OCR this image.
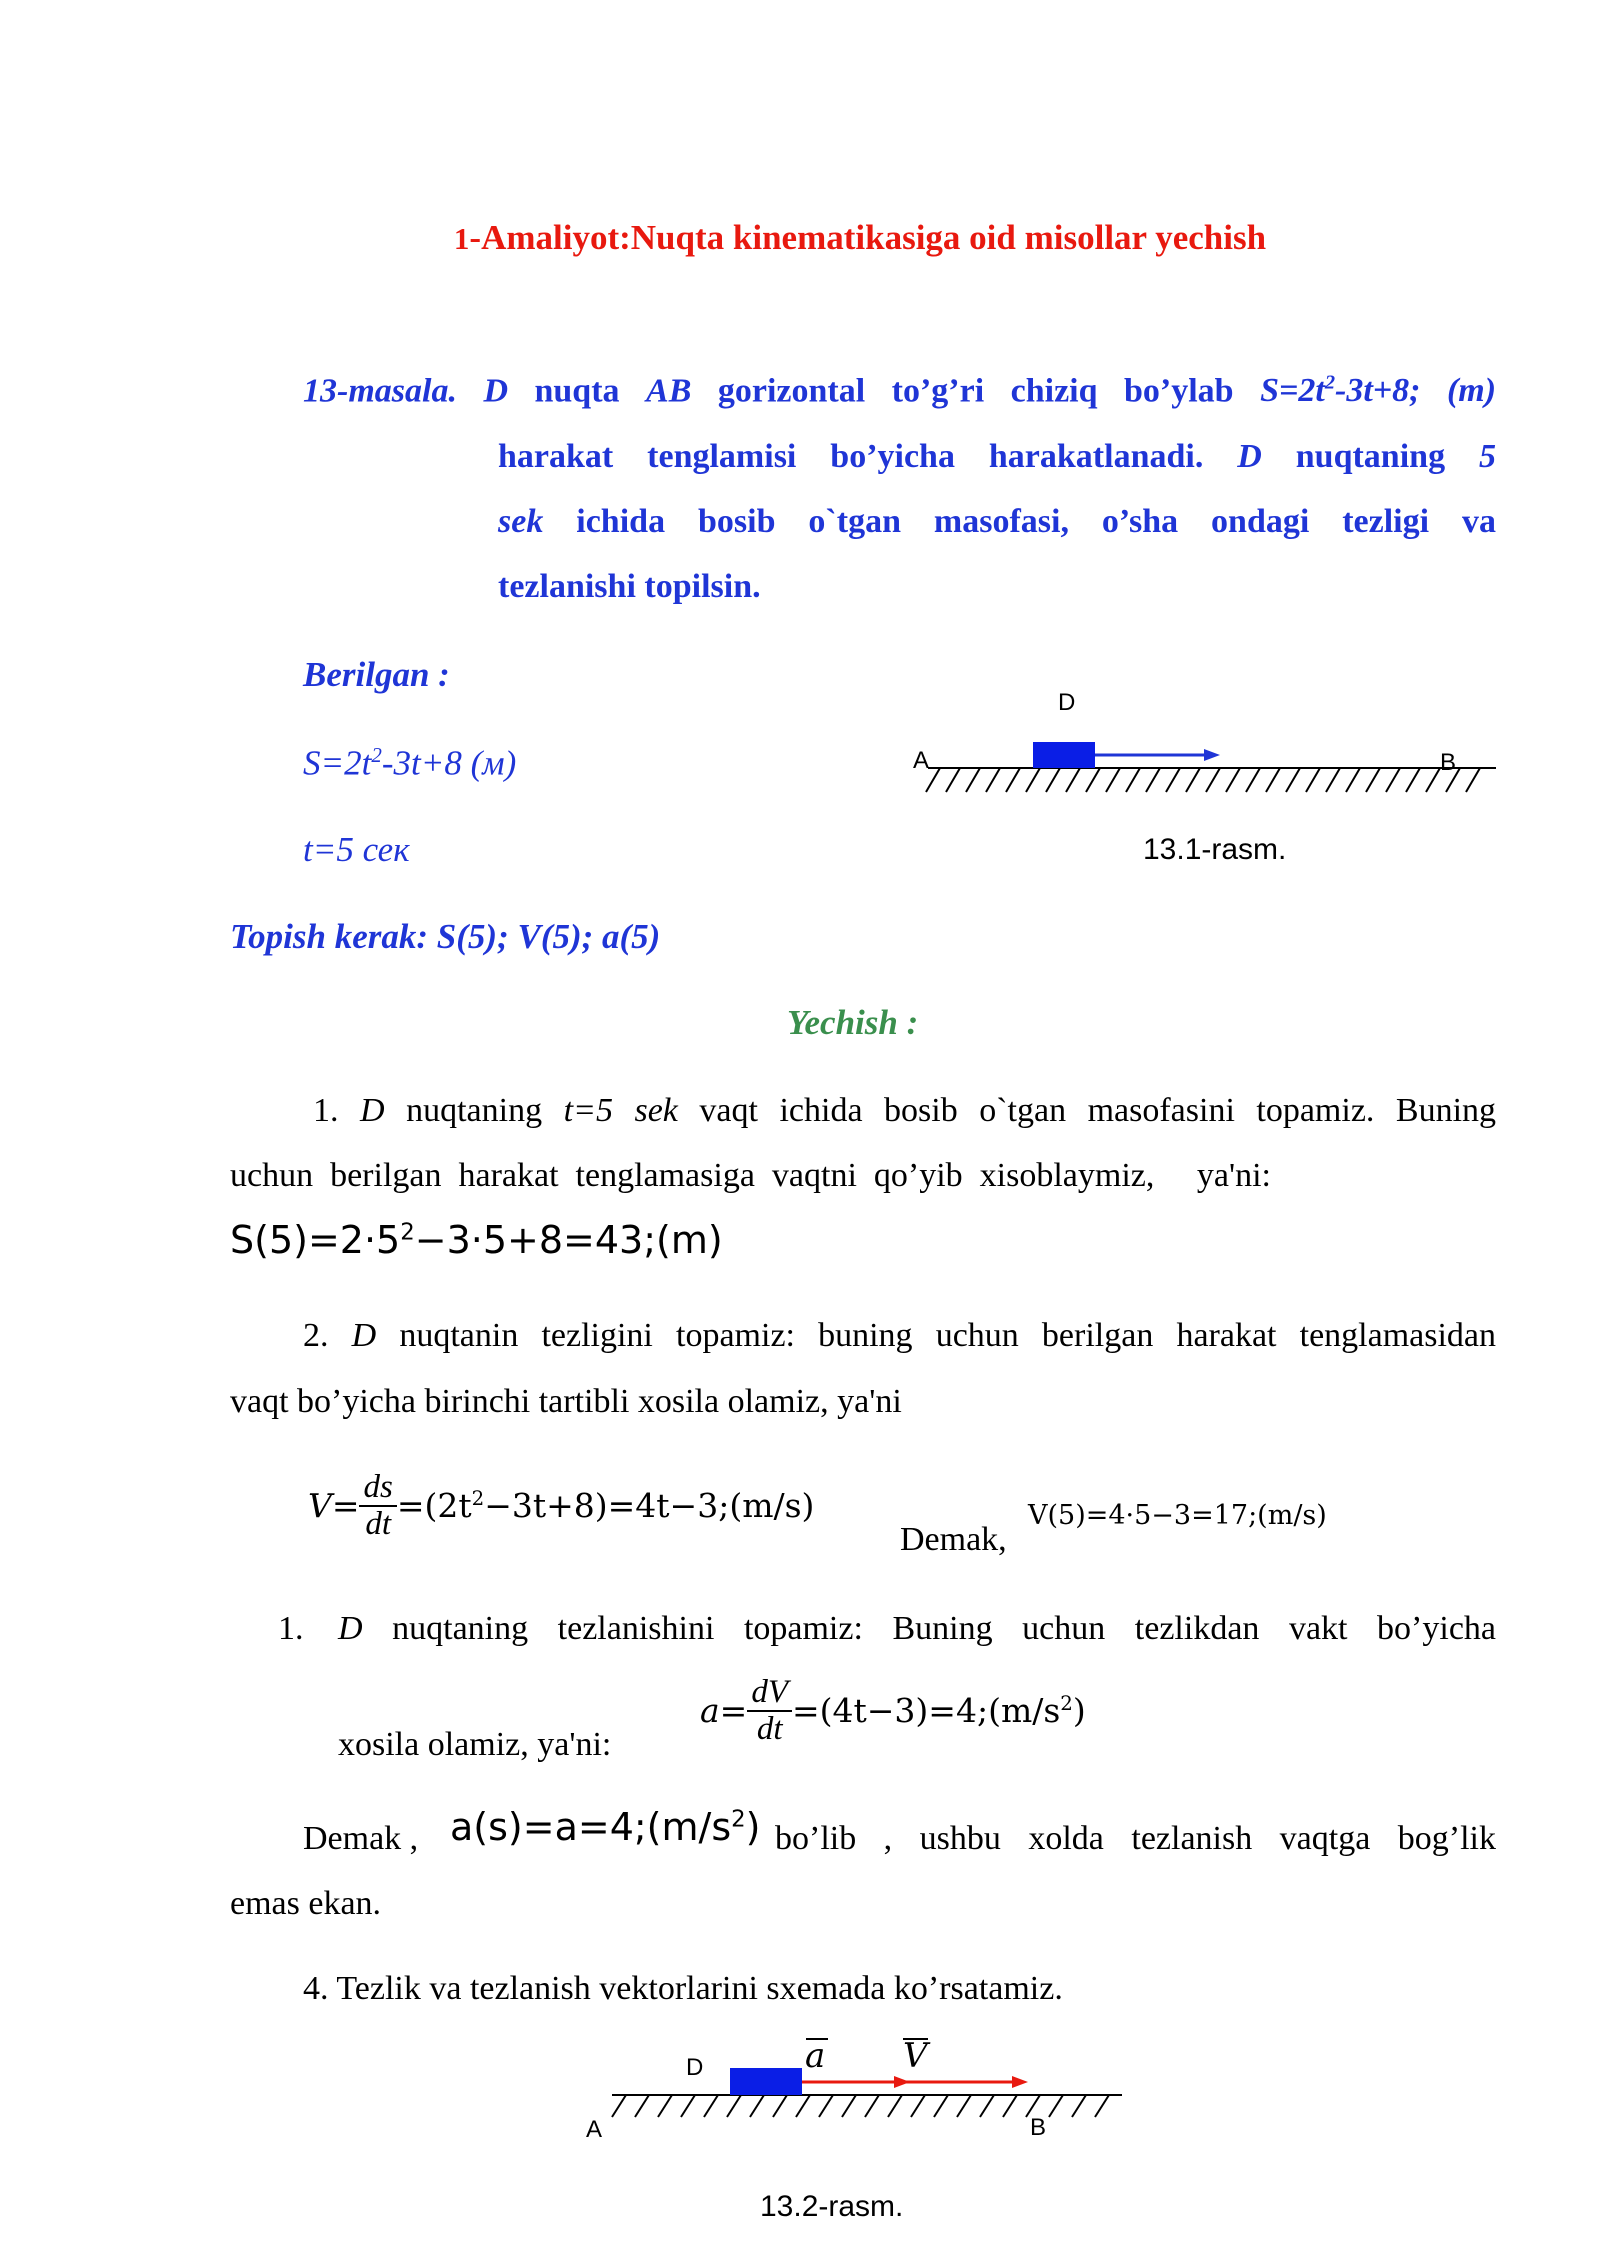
1-Amaliyot:Nuqta kinematikasiga oid misollar yechish
13-masala. D nuqta AB gorizontal to’g’ri chiziq bo’ylab $S=2t^2-3t+8$; (m)
harakat tenglamisi bo’yicha harakatlanadi. D nuqtaning 5
sek ichida bosib o`tgan masofasi, o’sha ondagi tezligi va
tezlanishi topilsin.
Berilgan :
$S=2t^2-3t+8$ (м)
t=5 сек
D
A	B
13.1-rasm.
Topish kerak: S(5); V(5); a(5)
Yechish :
1. D nuqtaning t=5 sek vaqt ichida bosib o`tgan masofasini topamiz. Buning
uchun  berilgan  harakat  tenglamasiga  vaqtni  qo’yib  xisoblaymiz,     ya'ni:
$S(5)=2\cdot 5^2-3\cdot 5+8=43;(m)$
2. D nuqtanin tezligini topamiz: buning uchun berilgan harakat tenglamasidan
vaqt bo’yicha birinchi tartibli xosila olamiz, ya'ni
$V= \frac{ds}{dt}$ $=(2t^2-3t+8)=4t-3;(m/s)$
Demak,
V(5)=4·5−3=17;(m/s)
1. D nuqtaning tezlanishini topamiz: Buning uchun tezlikdan vakt bo’yicha
$a= \frac{dV}{dt}$ $=(4t-3)=4;(m/s^2)$
xosila olamiz, ya'ni:
Demak , $a(s)=a=4;(m/s^2)$ bo’lib , ushbu xolda tezlanish vaqtga bog’lik
emas ekan.
4. Tezlik va tezlanish vektorlarini sxemada ko’rsatamiz.
a V
D
A	B
13.2-rasm.
